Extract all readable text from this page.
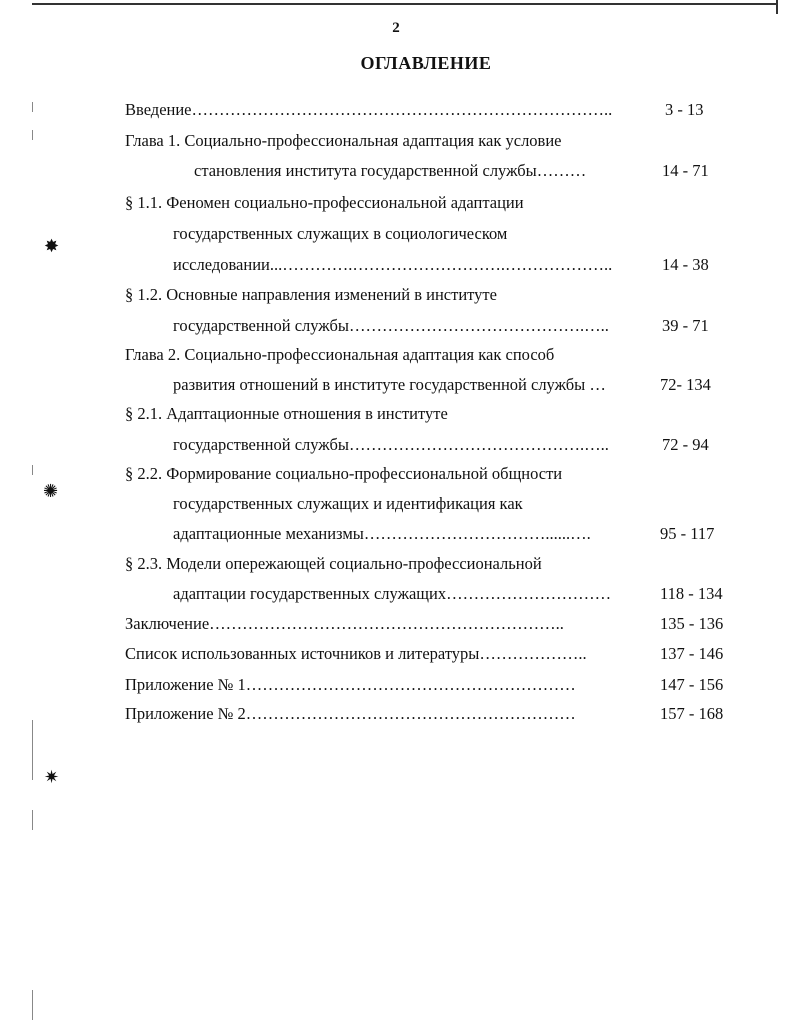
2
ОГЛАВЛЕНИЕ
Введение…………………………………………………………………..	3 - 13
Глава 1. Социально-профессиональная адаптация как условие
становления института государственной службы………	14 - 71
§ 1.1. Феномен социально-профессиональной адаптации
государственных служащих в социологическом
исследовании...………….……………………….………………..	14 - 38
§ 1.2. Основные направления изменений в институте
государственной службы…………………………………….…..	39 - 71
Глава 2. Социально-профессиональная адаптация как способ
развития отношений в институте государственной службы …	72- 134
§ 2.1. Адаптационные отношения в институте
государственной службы…………………………………….…..	72 - 94
§ 2.2. Формирование социально-профессиональной общности
государственных служащих и идентификация как
адаптационные механизмы……………………………......….	95 - 117
§ 2.3. Модели опережающей социально-профессиональной
адаптации государственных служащих…………………………	118 - 134
Заключение………………………………………………………..	135 - 136
Список использованных источников и литературы………………..	137 - 146
Приложение № 1……………………………………………………	147 - 156
Приложение № 2……………………………………………………	157 - 168
✸
✺
✷
